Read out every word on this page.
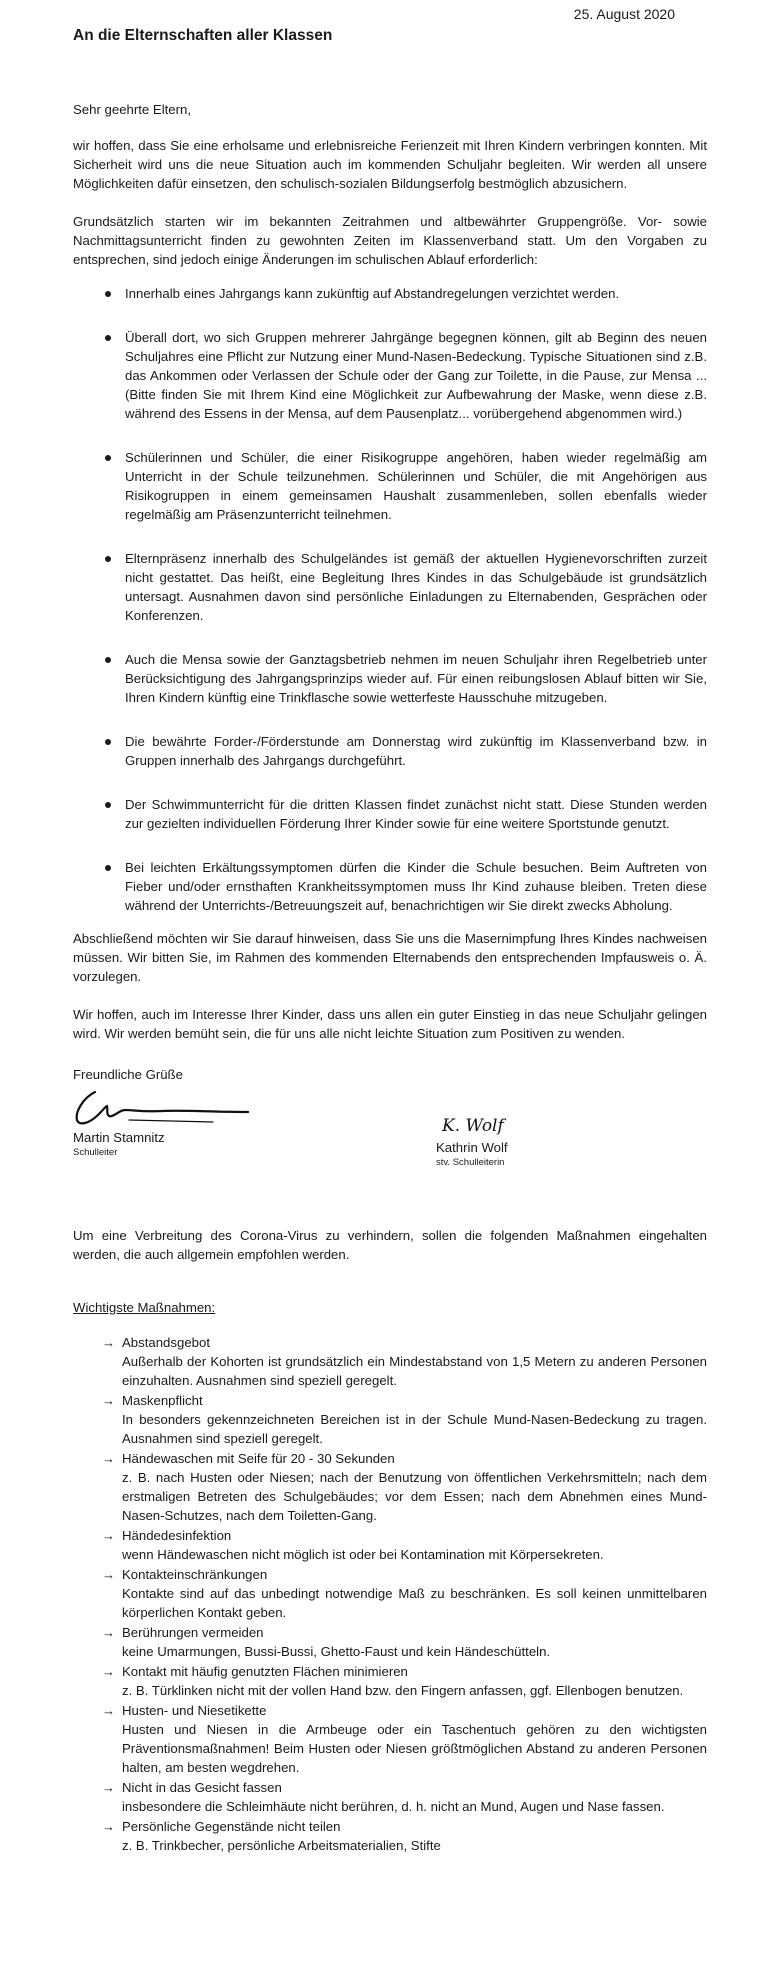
25. August 2020
An die Elternschaften aller Klassen

Sehr geehrte Eltern,

wir hoffen, dass Sie eine erholsame und erlebnisreiche Ferienzeit mit Ihren Kindern verbringen konnten. Mit Sicherheit wird uns die neue Situation auch im kommenden Schuljahr begleiten. Wir werden all unsere Möglichkeiten dafür einsetzen, den schulisch-sozialen Bildungserfolg bestmöglich abzusichern.

Grundsätzlich starten wir im bekannten Zeitrahmen und altbewährter Gruppengröße. Vor- sowie Nachmittagsunterricht finden zu gewohnten Zeiten im Klassenverband statt. Um den Vorgaben zu entsprechen, sind jedoch einige Änderungen im schulischen Ablauf erforderlich:

Innerhalb eines Jahrgangs kann zukünftig auf Abstandregelungen verzichtet werden.
Überall dort, wo sich Gruppen mehrerer Jahrgänge begegnen können, gilt ab Beginn des neuen Schuljahres eine Pflicht zur Nutzung einer Mund-Nasen-Bedeckung. Typische Situationen sind z.B. das Ankommen oder Verlassen der Schule oder der Gang zur Toilette, in die Pause, zur Mensa ... (Bitte finden Sie mit Ihrem Kind eine Möglichkeit zur Aufbewahrung der Maske, wenn diese z.B. während des Essens in der Mensa, auf dem Pausenplatz... vorübergehend abgenommen wird.)
Schülerinnen und Schüler, die einer Risikogruppe angehören, haben wieder regelmäßig am Unterricht in der Schule teilzunehmen. Schülerinnen und Schüler, die mit Angehörigen aus Risikogruppen in einem gemeinsamen Haushalt zusammenleben, sollen ebenfalls wieder regelmäßig am Präsenzunterricht teilnehmen.
Elternpräsenz innerhalb des Schulgeländes ist gemäß der aktuellen Hygienevorschriften zurzeit nicht gestattet. Das heißt, eine Begleitung Ihres Kindes in das Schulgebäude ist grundsätzlich untersagt. Ausnahmen davon sind persönliche Einladungen zu Elternabenden, Gesprächen oder Konferenzen.
Auch die Mensa sowie der Ganztagsbetrieb nehmen im neuen Schuljahr ihren Regelbetrieb unter Berücksichtigung des Jahrgangsprinzips wieder auf. Für einen reibungslosen Ablauf bitten wir Sie, Ihren Kindern künftig eine Trinkflasche sowie wetterfeste Hausschuhe mitzugeben.
Die bewährte Forder-/Förderstunde am Donnerstag wird zukünftig im Klassenverband bzw. in Gruppen innerhalb des Jahrgangs durchgeführt.
Der Schwimmunterricht für die dritten Klassen findet zunächst nicht statt. Diese Stunden werden zur gezielten individuellen Förderung Ihrer Kinder sowie für eine weitere Sportstunde genutzt.
Bei leichten Erkältungssymptomen dürfen die Kinder die Schule besuchen. Beim Auftreten von Fieber und/oder ernsthaften Krankheitssymptomen muss Ihr Kind zuhause bleiben. Treten diese während der Unterrichts-/Betreuungszeit auf, benachrichtigen wir Sie direkt zwecks Abholung.

Abschließend möchten wir Sie darauf hinweisen, dass Sie uns die Masernimpfung Ihres Kindes nachweisen müssen. Wir bitten Sie, im Rahmen des kommenden Elternabends den entsprechenden Impfausweis o. Ä. vorzulegen.

Wir hoffen, auch im Interesse Ihrer Kinder, dass uns allen ein guter Einstieg in das neue Schuljahr gelingen wird. Wir werden bemüht sein, die für uns alle nicht leichte Situation zum Positiven zu wenden.

Freundliche Grüße

Martin Stamnitz
Schulleiter
K. Wolf
Kathrin Wolf
stv. Schulleiterin

Um eine Verbreitung des Corona-Virus zu verhindern, sollen die folgenden Maßnahmen eingehalten werden, die auch allgemein empfohlen werden.

Wichtigste Maßnahmen:

→ Abstandsgebot
Außerhalb der Kohorten ist grundsätzlich ein Mindestabstand von 1,5 Metern zu anderen Personen einzuhalten. Ausnahmen sind speziell geregelt.
→ Maskenpflicht
In besonders gekennzeichneten Bereichen ist in der Schule Mund-Nasen-Bedeckung zu tragen. Ausnahmen sind speziell geregelt.
→ Händewaschen mit Seife für 20 - 30 Sekunden
z. B. nach Husten oder Niesen; nach der Benutzung von öffentlichen Verkehrsmitteln; nach dem erstmaligen Betreten des Schulgebäudes; vor dem Essen; nach dem Abnehmen eines Mund-Nasen-Schutzes, nach dem Toiletten-Gang.
→ Händedesinfektion
wenn Händewaschen nicht möglich ist oder bei Kontamination mit Körpersekreten.
→ Kontakteinschränkungen
Kontakte sind auf das unbedingt notwendige Maß zu beschränken. Es soll keinen unmittelbaren körperlichen Kontakt geben.
→ Berührungen vermeiden
keine Umarmungen, Bussi-Bussi, Ghetto-Faust und kein Händeschütteln.
→ Kontakt mit häufig genutzten Flächen minimieren
z. B. Türklinken nicht mit der vollen Hand bzw. den Fingern anfassen, ggf. Ellenbogen benutzen.
→ Husten- und Niesetikette
Husten und Niesen in die Armbeuge oder ein Taschentuch gehören zu den wichtigsten Präventionsmaßnahmen! Beim Husten oder Niesen größtmöglichen Abstand zu anderen Personen halten, am besten wegdrehen.
→ Nicht in das Gesicht fassen
insbesondere die Schleimhäute nicht berühren, d. h. nicht an Mund, Augen und Nase fassen.
→ Persönliche Gegenstände nicht teilen
z. B. Trinkbecher, persönliche Arbeitsmaterialien, Stifte
